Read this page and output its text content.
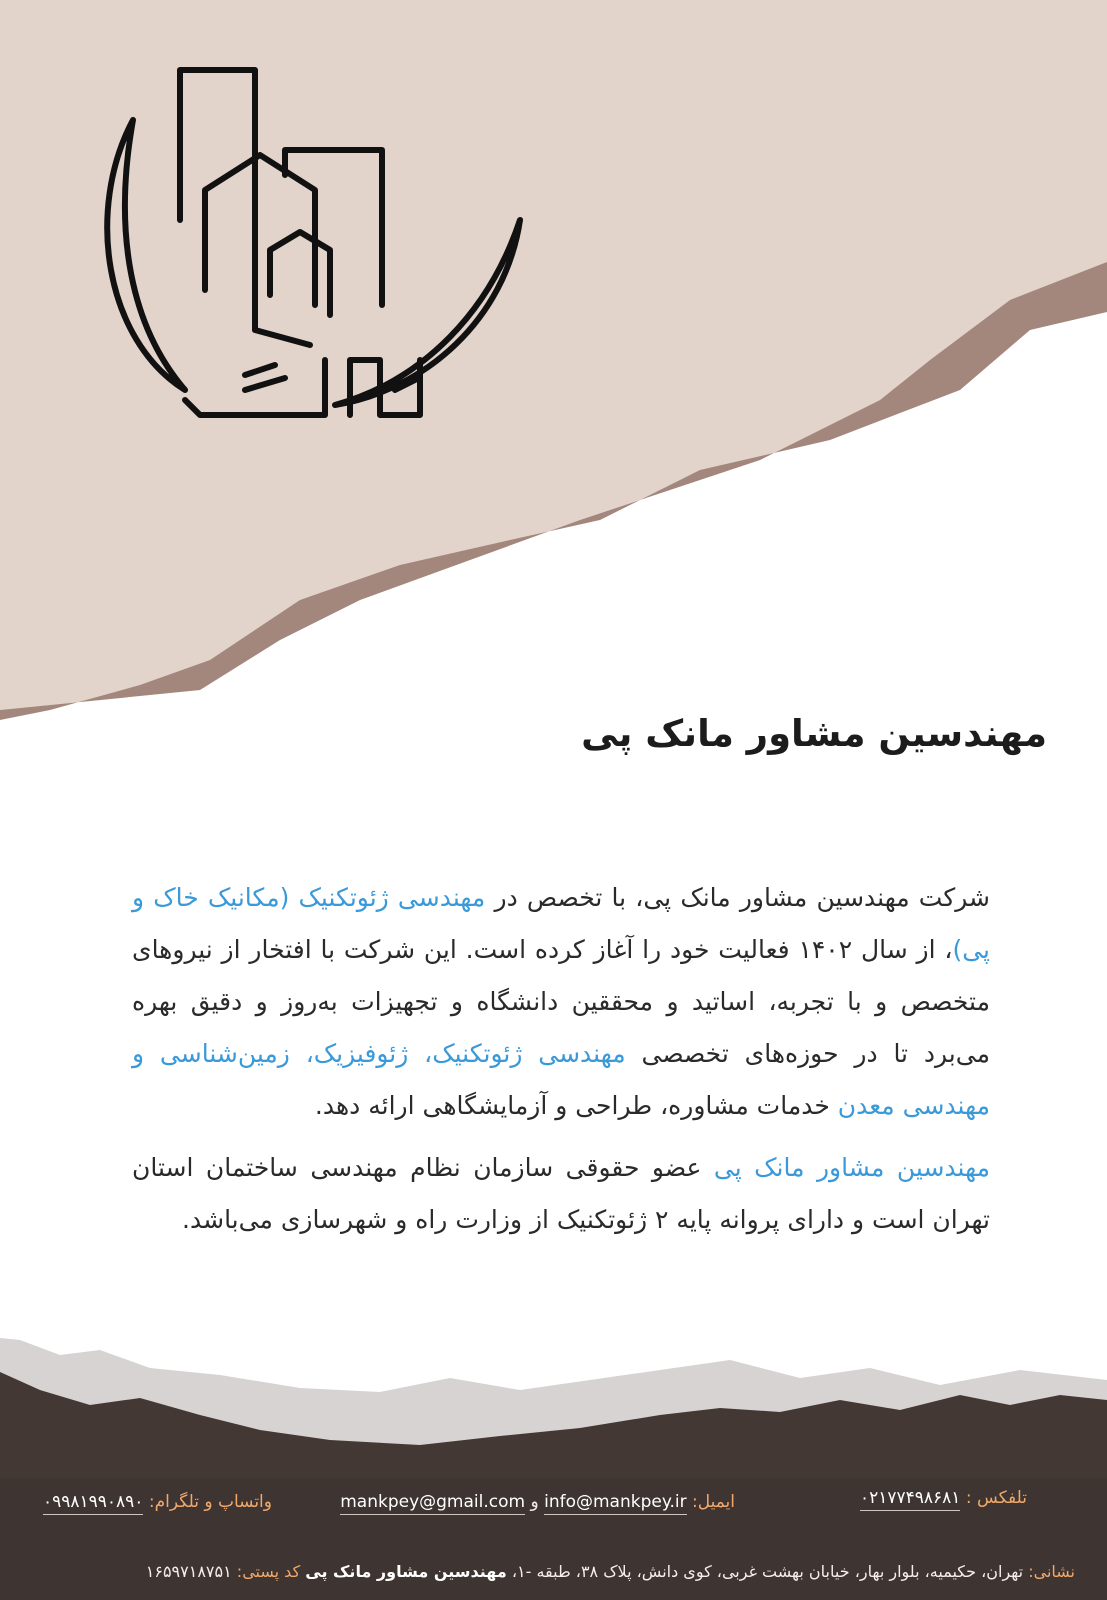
مهندسین مشاور مانک پی

شرکت مهندسین مشاور مانک پی، با تخصص در مهندسی ژئوتکنیک (مکانیک خاک و پی)، از سال ۱۴۰۲ فعالیت خود را آغاز کرده است. این شرکت با افتخار از نیروهای متخصص و با تجربه، اساتید و محققین دانشگاه و تجهیزات به‌روز و دقیق بهره می‌برد تا در حوزه‌های تخصصی مهندسی ژئوتکنیک، ژئوفیزیک، زمین‌شناسی و مهندسی معدن خدمات مشاوره، طراحی و آزمایشگاهی ارائه دهد.

مهندسین مشاور مانک پی عضو حقوقی سازمان نظام مهندسی ساختمان استان تهران است و دارای پروانه پایه ۲ ژئوتکنیک از وزارت راه و شهرسازی می‌باشد.

تلفکس : ۰۲۱۷۷۴۹۸۶۸۱
ایمیل: info@mankpey.ir و mankpey@gmail.com
واتساپ و تلگرام: ۰۹۹۸۱۹۹۰۸۹۰
نشانی: تهران، حکیمیه، بلوار بهار، خیابان بهشت غربی، کوی دانش، پلاک ۳۸، طبقه -۱، مهندسین مشاور مانک پی کد پستی: ۱۶۵۹۷۱۸۷۵۱
